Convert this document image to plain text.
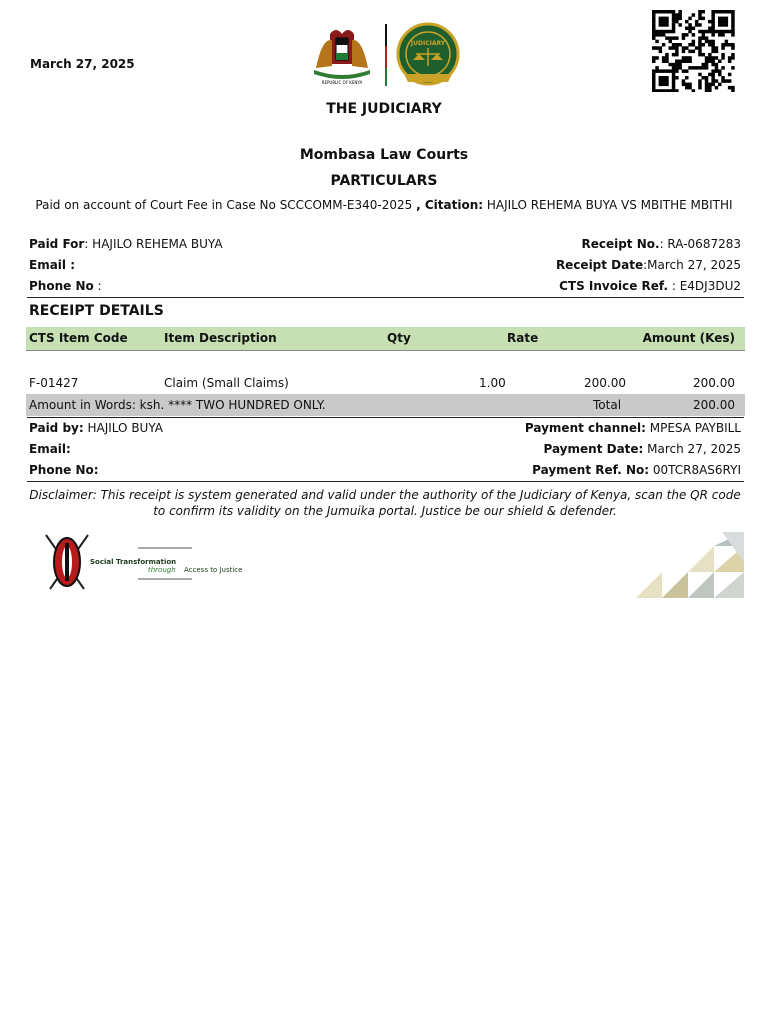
March 27, 2025
REPUBLIC OF KENYA
JUDICIARY
THE JUDICIARY
Mombasa Law Courts
PARTICULARS
Paid on account of Court Fee in Case No SCCCOMM-E340-2025 , Citation: HAJILO REHEMA BUYA VS MBITHE MBITHI
Paid For: HAJILO REHEMA BUYA	Receipt No.: RA-0687283
Email :	Receipt Date:March 27, 2025
Phone No :	CTS Invoice Ref. : E4DJ3DU2
RECEIPT DETAILS
CTS Item Code	Item Description	Qty	Rate	Amount (Kes)
F-01427	Claim (Small Claims)	1.00	200.00	200.00
Amount in Words: ksh. **** TWO HUNDRED ONLY.	Total	200.00
Paid by: HAJILO BUYA	Payment channel: MPESA PAYBILL
Email:	Payment Date: March 27, 2025
Phone No:	Payment Ref. No: 00TCR8AS6RYI
Disclaimer: This receipt is system generated and valid under the authority of the Judiciary of Kenya, scan the QR code to confirm its validity on the Jumuika portal. Justice be our shield & defender.
Social Transformation
through Access to Justice
